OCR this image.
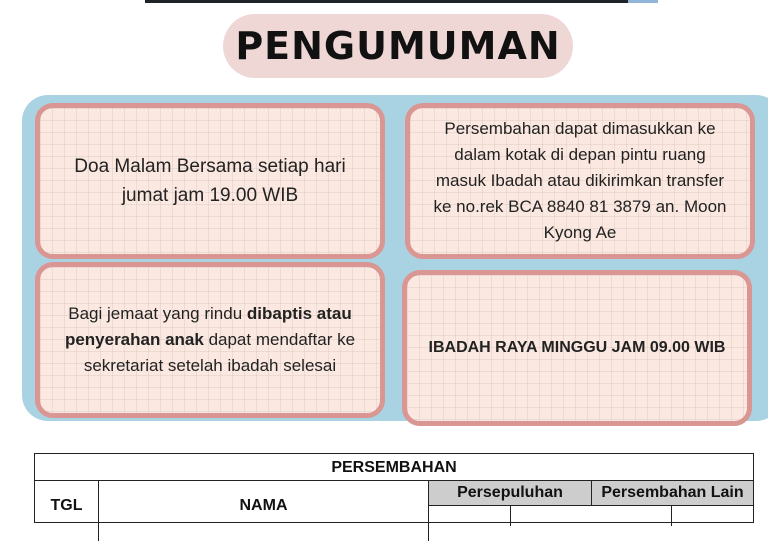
PENGUMUMAN
Doa Malam Bersama setiap hari jumat jam 19.00 WIB
Persembahan dapat dimasukkan ke dalam kotak di depan pintu ruang masuk Ibadah atau dikirimkan transfer ke no.rek BCA 8840 81 3879 an. Moon Kyong Ae
Bagi jemaat yang rindu dibaptis atau penyerahan anak dapat mendaftar ke sekretariat setelah ibadah selesai
IBADAH RAYA MINGGU JAM 09.00 WIB
PERSEMBAHAN
TGL	NAMA
Persepuluhan	Persembahan Lain
